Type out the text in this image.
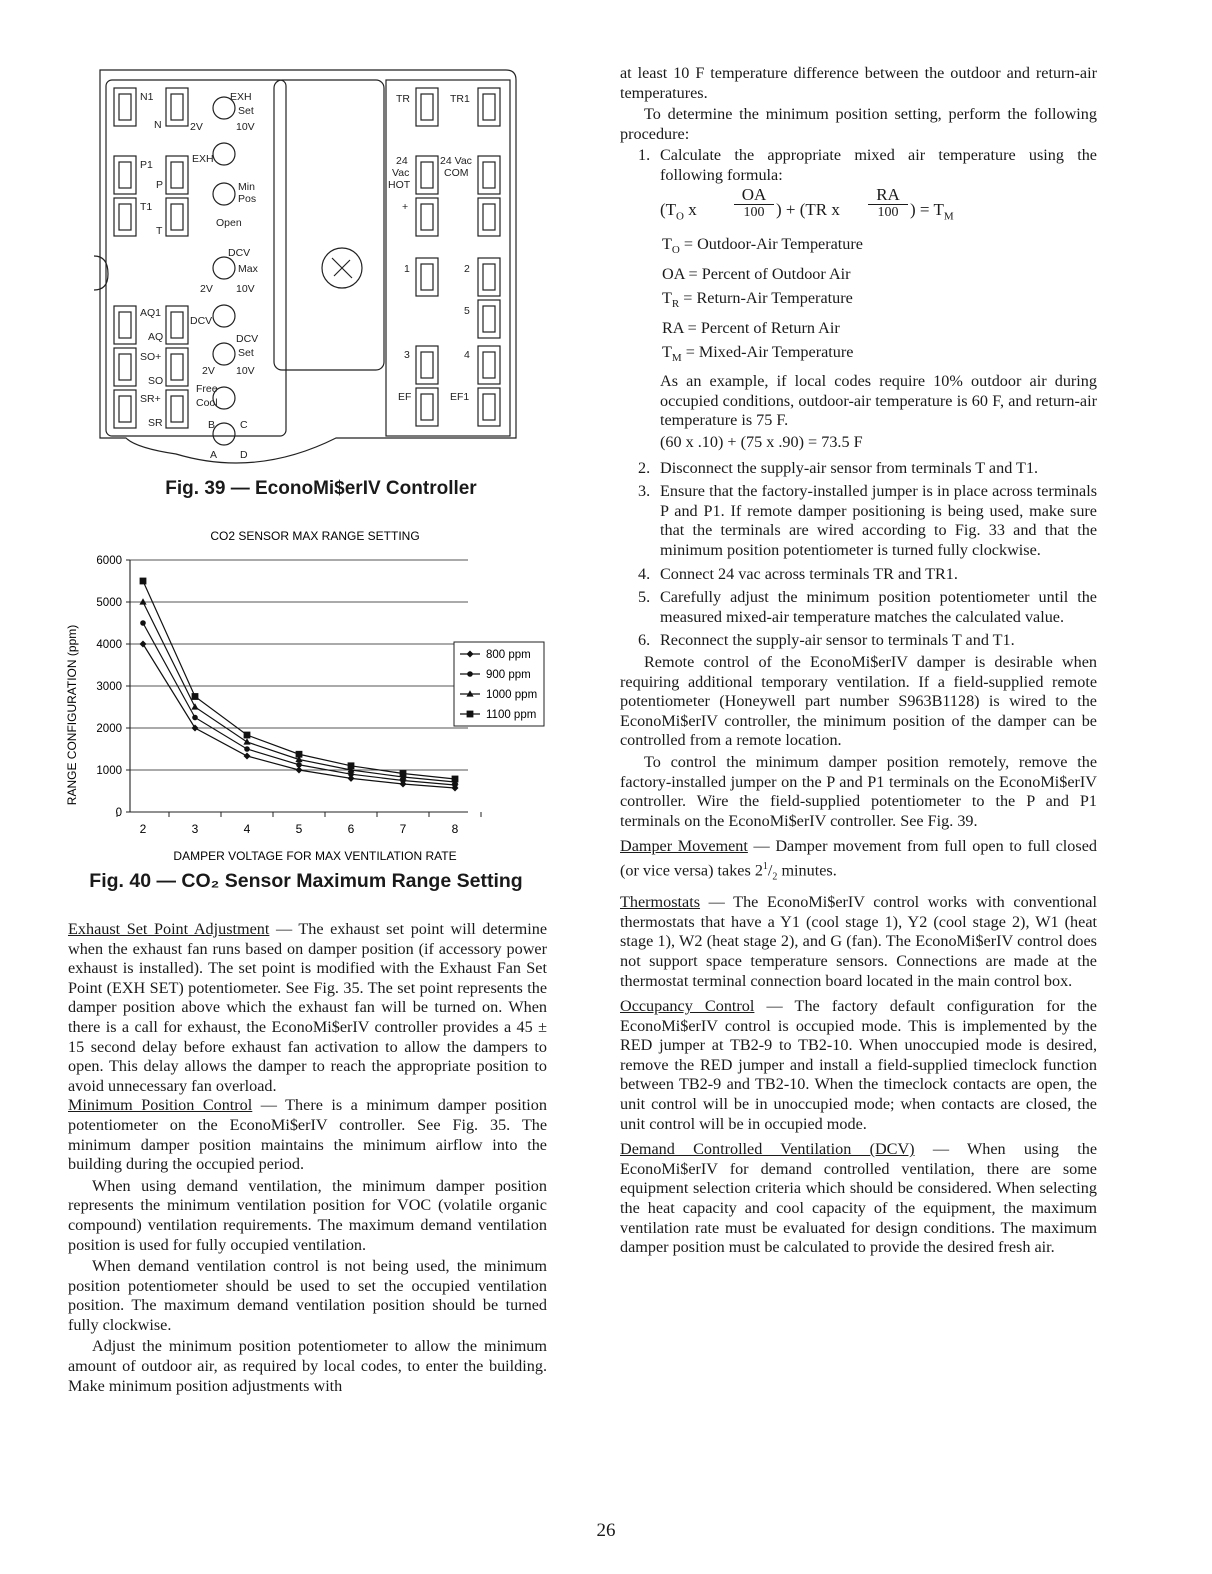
N1
N
EXH
Set
2V	10V
P1
P
EXH
Min
Pos
T1
T
Open
DCV
Max
2V 10V
AQ1
AQ
DCV
DCV
Set
2V 10V
SO+
SO
Free
Cool
SR+
SR	B C
A D
TR	TR1
24
Vac
HOT
24 Vac
COM
+
1	2
5
3	4
EF	EF1
Fig. 39 — EconoMi$erIV Controller
CO2 SENSOR MAX RANGE SETTING
RANGE CONFIGURATION (ppm)
DAMPER VOLTAGE FOR MAX VENTILATION RATE
6000
5000
4000
3000
2000
1000
0
2	3	4	5	6	7	8
800 ppm
900 ppm
1000 ppm
1100 ppm
Fig. 40 — CO₂ Sensor Maximum Range Setting

Exhaust Set Point Adjustment — The exhaust set point will determine when the exhaust fan runs based on damper position (if accessory power exhaust is installed). The set point is modified with the Exhaust Fan Set Point (EXH SET) potentiometer. See Fig. 35. The set point represents the damper position above which the exhaust fan will be turned on. When there is a call for exhaust, the EconoMi$erIV controller provides a 45 ± 15 second delay before exhaust fan activation to allow the dampers to open. This delay allows the damper to reach the appropriate position to avoid unnecessary fan overload.

Minimum Position Control — There is a minimum damper position potentiometer on the EconoMi$erIV controller. See Fig. 35. The minimum damper position maintains the minimum airflow into the building during the occupied period.

When using demand ventilation, the minimum damper position represents the minimum ventilation position for VOC (volatile organic compound) ventilation requirements. The maximum demand ventilation position is used for fully occupied ventilation.

When demand ventilation control is not being used, the minimum position potentiometer should be used to set the occupied ventilation position. The maximum demand ventilation position should be turned fully clockwise.

Adjust the minimum position potentiometer to allow the minimum amount of outdoor air, as required by local codes, to enter the building. Make minimum position adjustments with

at least 10 F temperature difference between the outdoor and return-air temperatures.

To determine the minimum position setting, perform the following procedure:

1. Calculate the appropriate mixed air temperature using the following formula:
($T_O$ x
OA
100 ) + (TR x
RA
100 ) = $T_M$
$T_O$ = Outdoor-Air Temperature
OA = Percent of Outdoor Air
$T_R$ = Return-Air Temperature
RA = Percent of Return Air
$T_M$ = Mixed-Air Temperature

As an example, if local codes require 10% outdoor air during occupied conditions, outdoor-air temperature is 60 F, and return-air temperature is 75 F.

(60 x .10) + (75 x .90) = 73.5 F

2. Disconnect the supply-air sensor from terminals T and T1.
3. Ensure that the factory-installed jumper is in place across terminals P and P1. If remote damper positioning is being used, make sure that the terminals are wired according to Fig. 33 and that the minimum position potentiometer is turned fully clockwise.
4. Connect 24 vac across terminals TR and TR1.
5. Carefully adjust the minimum position potentiometer until the measured mixed-air temperature matches the calculated value.
6. Reconnect the supply-air sensor to terminals T and T1.

Remote control of the EconoMi$erIV damper is desirable when requiring additional temporary ventilation. If a field-supplied remote potentiometer (Honeywell part number S963B1128) is wired to the EconoMi$erIV controller, the minimum position of the damper can be controlled from a remote location.

To control the minimum damper position remotely, remove the factory-installed jumper on the P and P1 terminals on the EconoMi$erIV controller. Wire the field-supplied potentiometer to the P and P1 terminals on the EconoMi$erIV controller. See Fig. 39.

Damper Movement — Damper movement from full open to full closed (or vice versa) takes $2^1/_2$ minutes.

Thermostats — The EconoMi$erIV control works with conventional thermostats that have a Y1 (cool stage 1), Y2 (cool stage 2), W1 (heat stage 1), W2 (heat stage 2), and G (fan). The EconoMi$erIV control does not support space temperature sensors. Connections are made at the thermostat terminal connection board located in the main control box.

Occupancy Control — The factory default configuration for the EconoMi$erIV control is occupied mode. This is implemented by the RED jumper at TB2-9 to TB2-10. When unoccupied mode is desired, remove the RED jumper and install a field-supplied timeclock function between TB2-9 and TB2-10. When the timeclock contacts are open, the unit control will be in unoccupied mode; when contacts are closed, the unit control will be in occupied mode.

Demand Controlled Ventilation (DCV) — When using the EconoMi$erIV for demand controlled ventilation, there are some equipment selection criteria which should be considered. When selecting the heat capacity and cool capacity of the equipment, the maximum ventilation rate must be evaluated for design conditions. The maximum damper position must be calculated to provide the desired fresh air.

26
